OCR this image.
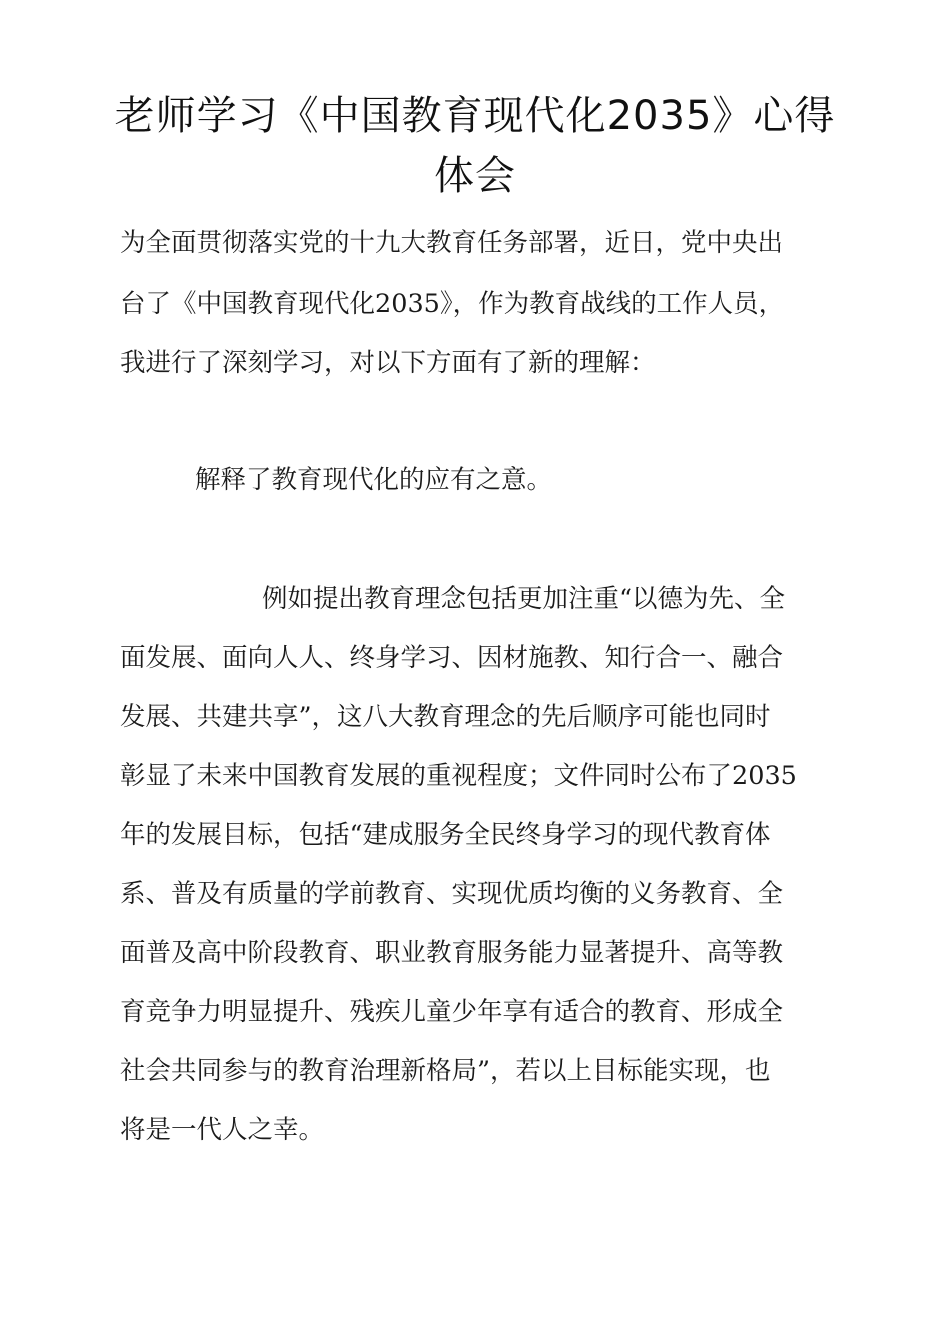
老师学习《中国教育现代化2035》心得
体会

为全面贯彻落实党的十九大教育任务部署，近日，党中央出

台了《中国教育现代化2035》，作为教育战线的工作人员，

我进行了深刻学习，对以下方面有了新的理解：

解释了教育现代化的应有之意。

例如提出教育理念包括更加注重“以德为先、全

面发展、面向人人、终身学习、因材施教、知行合一、融合

发展、共建共享”，这八大教育理念的先后顺序可能也同时

彰显了未来中国教育发展的重视程度；文件同时公布了2035

年的发展目标，包括“建成服务全民终身学习的现代教育体

系、普及有质量的学前教育、实现优质均衡的义务教育、全

面普及高中阶段教育、职业教育服务能力显著提升、高等教

育竞争力明显提升、残疾儿童少年享有适合的教育、形成全

社会共同参与的教育治理新格局”，若以上目标能实现，也

将是一代人之幸。
